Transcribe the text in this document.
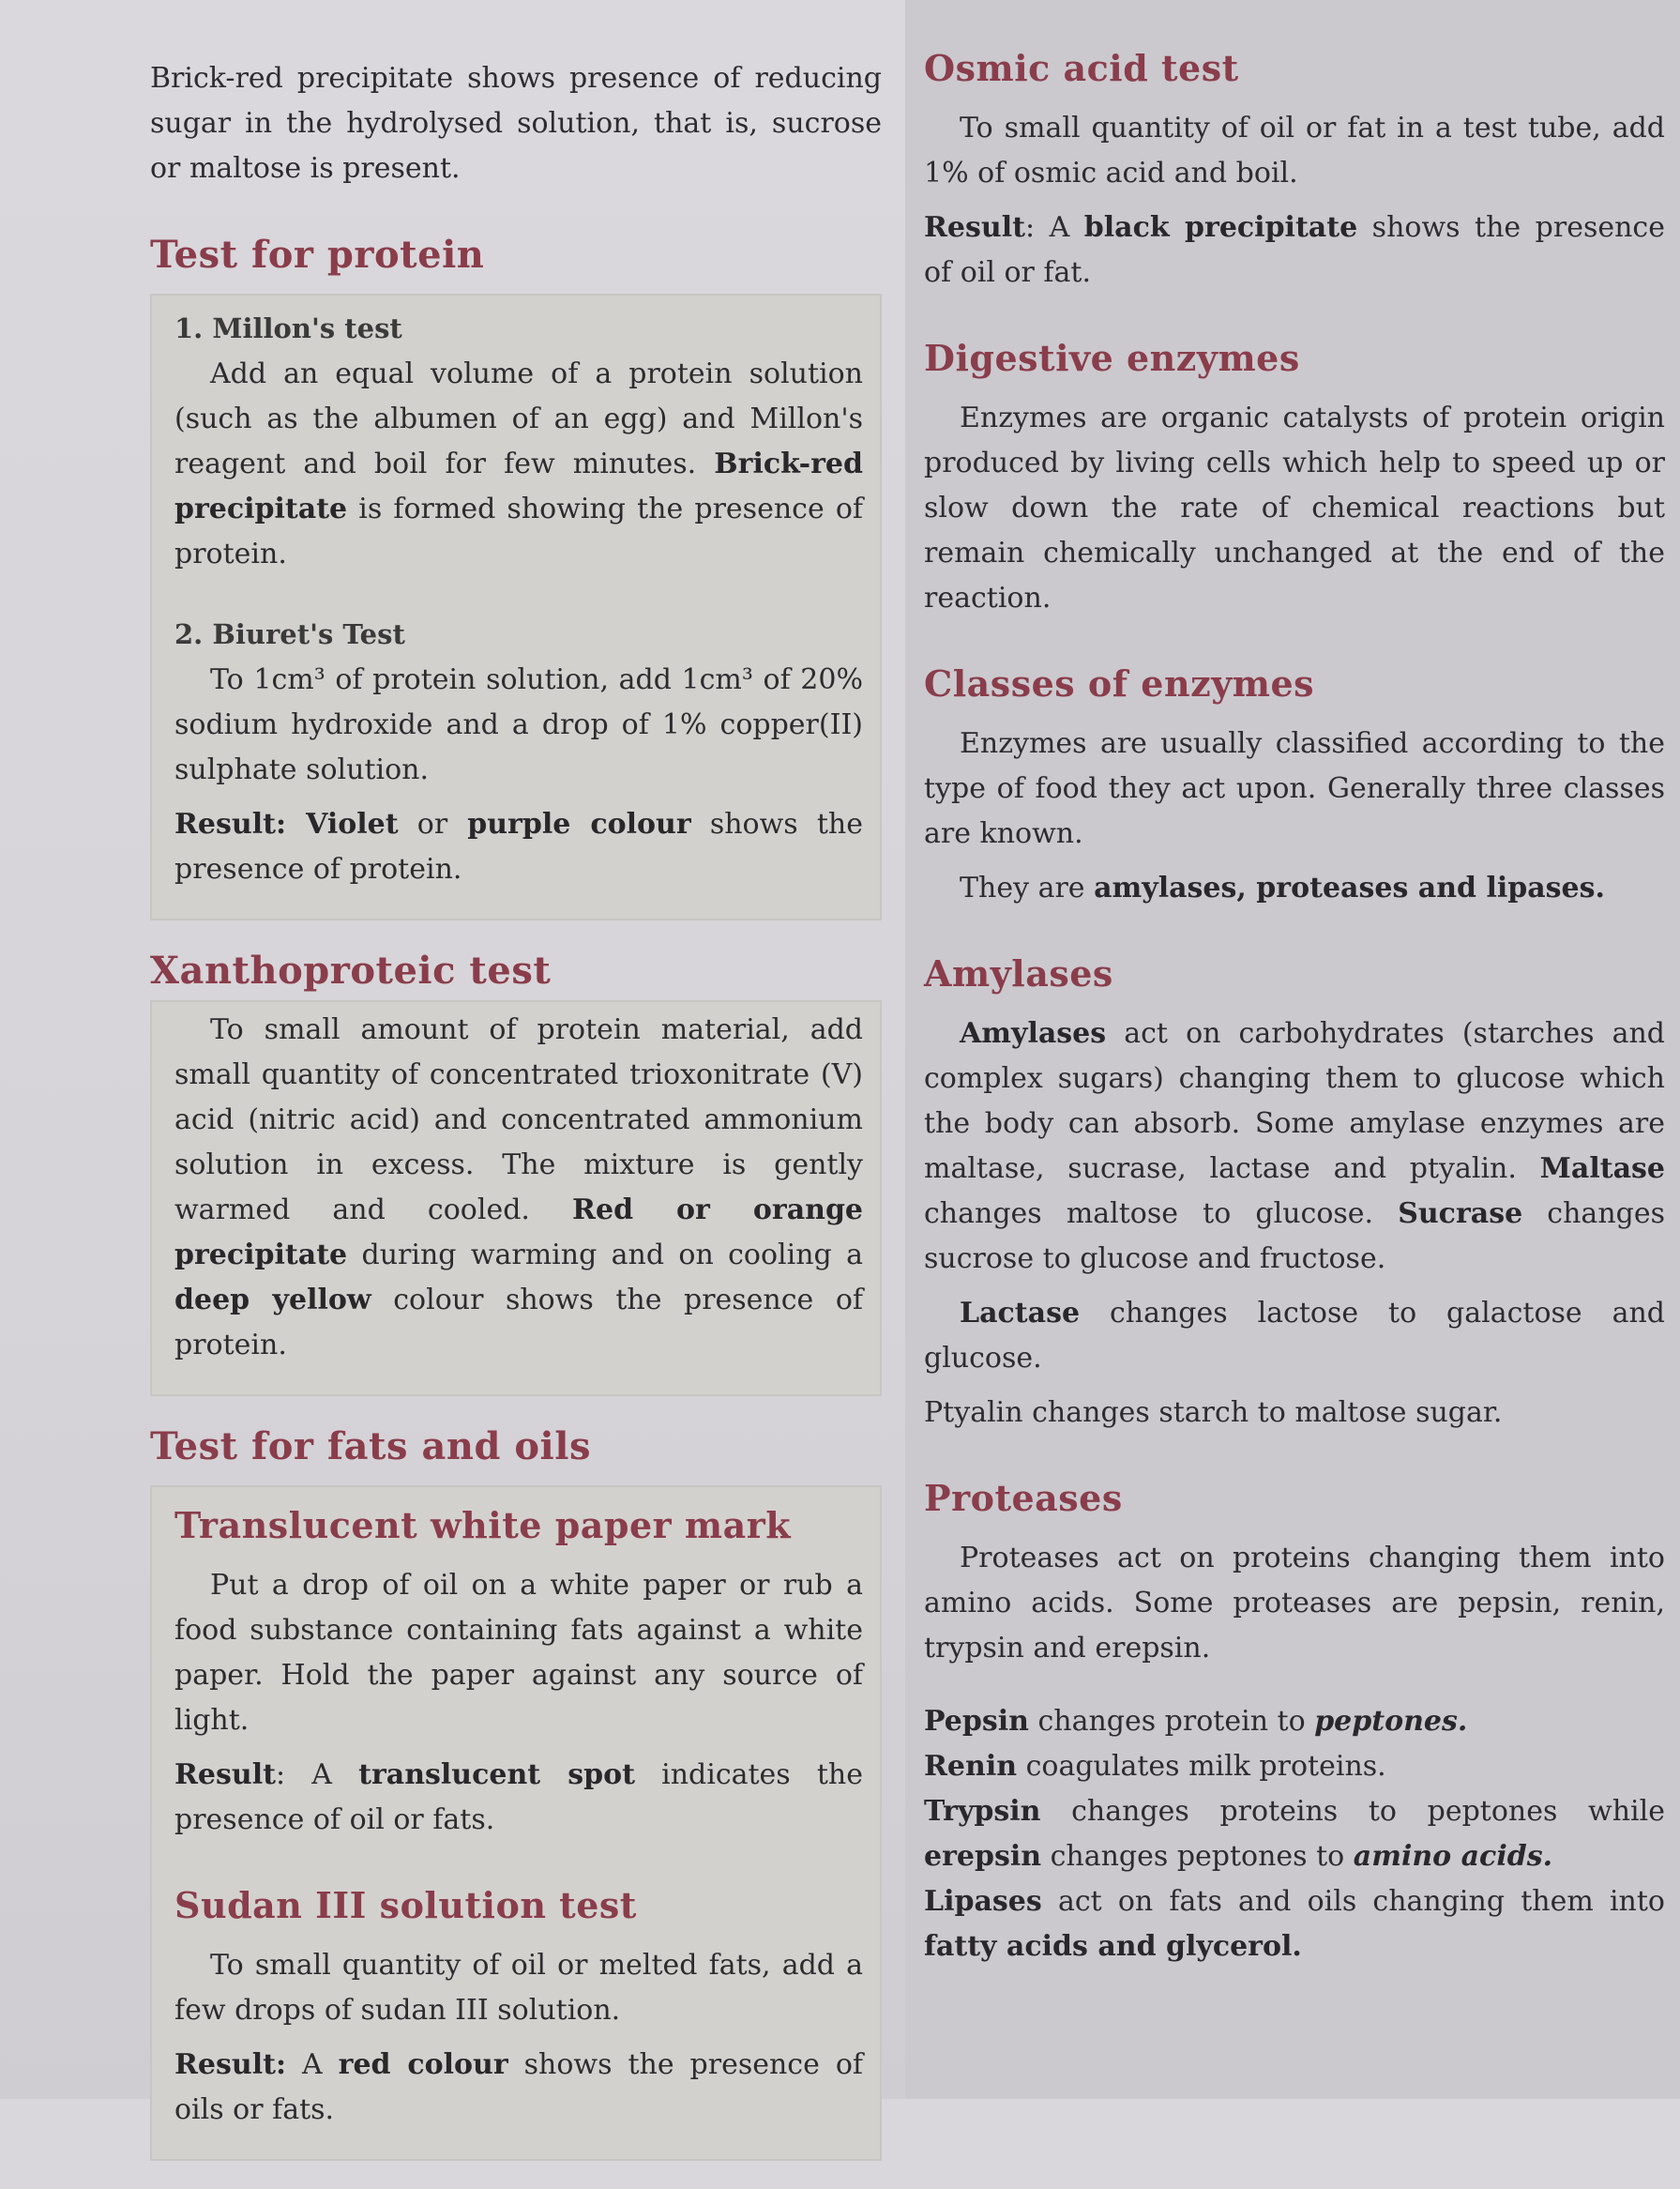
Brick-red precipitate shows presence of reducing sugar in the hydrolysed solution, that is, sucrose or maltose is present.

Test for protein
1. Millon's test

Add an equal volume of a protein solution (such as the albumen of an egg) and Millon's reagent and boil for few minutes. Brick-red precipitate is formed showing the presence of protein.

2. Biuret's Test

To 1cm³ of protein solution, add 1cm³ of 20% sodium hydroxide and a drop of 1% copper(II) sulphate solution.

Result: Violet or purple colour shows the presence of protein.

Xanthoproteic test

To small amount of protein material, add small quantity of concentrated trioxonitrate (V) acid (nitric acid) and concentrated ammonium solution in excess. The mixture is gently warmed and cooled. Red or orange precipitate during warming and on cooling a deep yellow colour shows the presence of protein.

Test for fats and oils
Translucent white paper mark

Put a drop of oil on a white paper or rub a food substance containing fats against a white paper. Hold the paper against any source of light.

Result: A translucent spot indicates the presence of oil or fats.

Sudan III solution test

To small quantity of oil or melted fats, add a few drops of sudan III solution.

Result: A red colour shows the presence of oils or fats.

Osmic acid test

To small quantity of oil or fat in a test tube, add 1% of osmic acid and boil.

Result: A black precipitate shows the presence of oil or fat.

Digestive enzymes

Enzymes are organic catalysts of protein origin produced by living cells which help to speed up or slow down the rate of chemical reactions but remain chemically unchanged at the end of the reaction.

Classes of enzymes

Enzymes are usually classified according to the type of food they act upon. Generally three classes are known.

They are amylases, proteases and lipases.

Amylases

Amylases act on carbohydrates (starches and complex sugars) changing them to glucose which the body can absorb. Some amylase enzymes are maltase, sucrase, lactase and ptyalin. Maltase changes maltose to glucose. Sucrase changes sucrose to glucose and fructose.

Lactase changes lactose to galactose and glucose.

Ptyalin changes starch to maltose sugar.

Proteases

Proteases act on proteins changing them into amino acids. Some proteases are pepsin, renin, trypsin and erepsin.

Pepsin changes protein to peptones.

Renin coagulates milk proteins.

Trypsin changes proteins to peptones while erepsin changes peptones to amino acids.

Lipases act on fats and oils changing them into fatty acids and glycerol.
